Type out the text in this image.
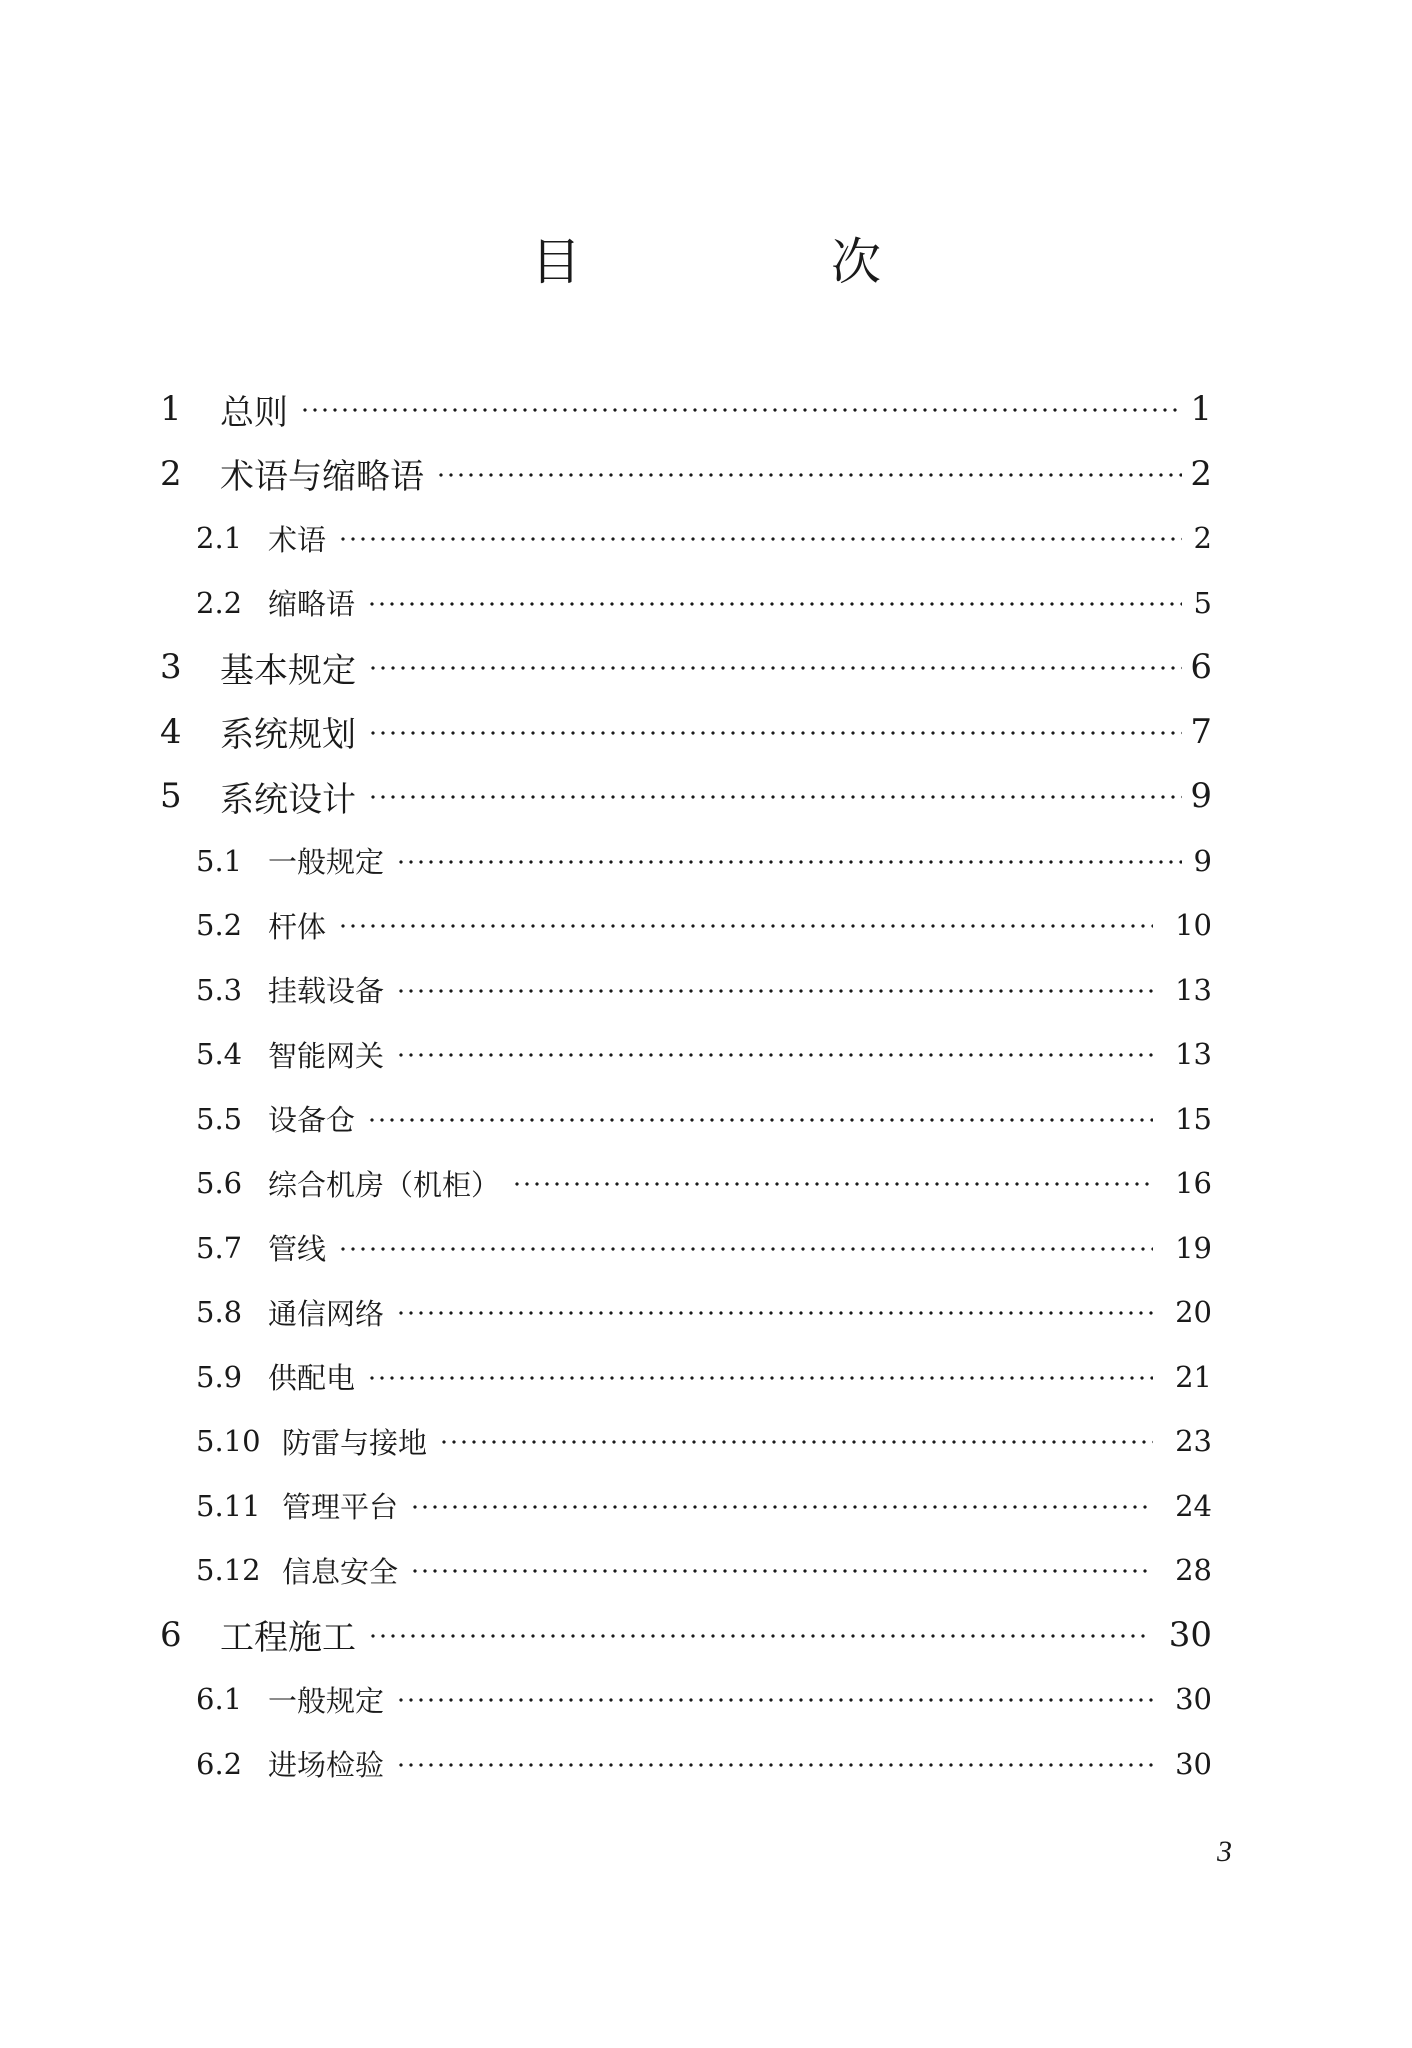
目　次
1	总则	1
2	术语与缩略语	2
2.1 术语	2
2.2 缩略语	5
3	基本规定	6
4	系统规划	7
5	系统设计	9
5.1 一般规定	9
5.2 杆体	10
5.3 挂载设备	13
5.4 智能网关	13
5.5 设备仓	15
5.6 综合机房（机柜）	16
5.7 管线	19
5.8 通信网络	20
5.9 供配电	21
5.10 防雷与接地	23
5.11 管理平台	24
5.12 信息安全	28
6	工程施工	30
6.1 一般规定	30
6.2 进场检验	30
3
